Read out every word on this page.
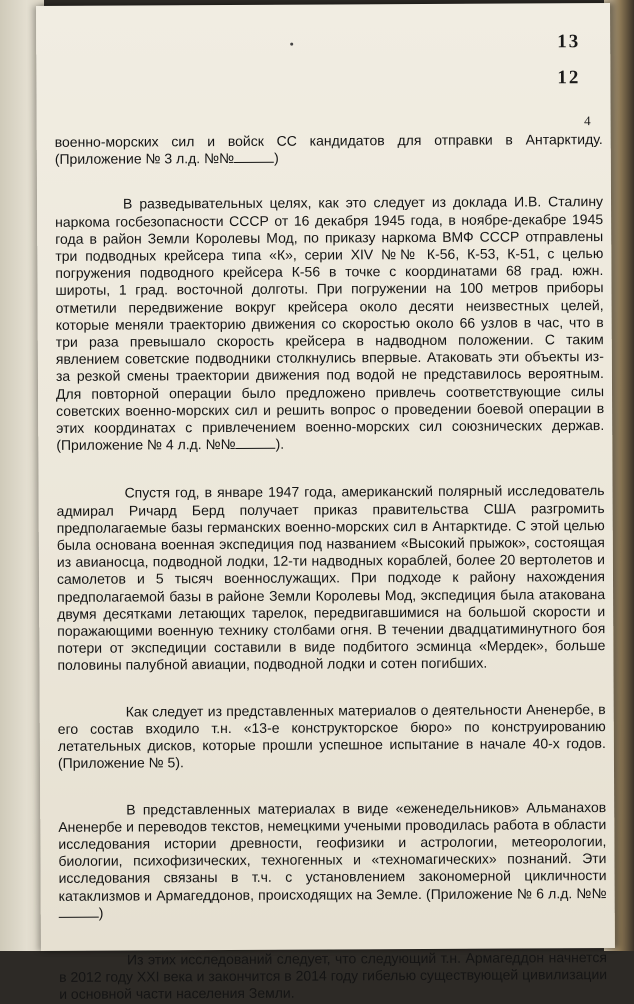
13
12
4

военно-морских сил и войск СС кандидатов для отправки в Антарктиду. (Приложение № 3 л.д. №№	)

В разведывательных целях, как это следует из доклада И.В. Сталину наркома госбезопасности СССР от 16 декабря 1945 года, в ноябре-декабре 1945 года в район Земли Королевы Мод, по приказу наркома ВМФ СССР отправлены три подводных крейсера типа «К», серии XIV №№ К-56, К-53, К-51, с целью погружения подводного крейсера К-56 в точке с координатами 68 град. южн. широты, 1 град. восточной долготы. При погружении на 100 метров приборы отметили передвижение вокруг крейсера около десяти неизвестных целей, которые меняли траекторию движения со скоростью около 66 узлов в час, что в три раза превышало скорость крейсера в надводном положении. С таким явлением советские подводники столкнулись впервые. Атаковать эти объекты из-за резкой смены траектории движения под водой не представилось вероятным. Для повторной операции было предложено привлечь соответствующие силы советских военно-морских сил и решить вопрос о проведении боевой операции в этих координатах с привлечением военно-морских сил союзнических держав. (Приложение № 4 л.д. №№	).

Спустя год, в январе 1947 года, американский полярный исследователь адмирал Ричард Берд получает приказ правительства США разгромить предполагаемые базы германских военно-морских сил в Антарктиде. С этой целью была основана военная экспедиция под названием «Высокий прыжок», состоящая из авианосца, подводной лодки, 12-ти надводных кораблей, более 20 вертолетов и самолетов и 5 тысяч военнослужащих. При подходе к району нахождения предполагаемой базы в районе Земли Королевы Мод, экспедиция была атакована двумя десятками летающих тарелок, передвигавшимися на большой скорости и поражающими военную технику столбами огня. В течении двадцатиминутного боя потери от экспедиции составили в виде подбитого эсминца «Мердек», больше половины палубной авиации, подводной лодки и сотен погибших.

Как следует из представленных материалов о деятельности Аненербе, в его состав входило т.н. «13-е конструкторское бюро» по конструированию летательных дисков, которые прошли успешное испытание в начале 40-х годов. (Приложение № 5).

В представленных материалах в виде «еженедельников» Альманахов Аненербе и переводов текстов, немецкими учеными проводилась работа в области исследования истории древности, геофизики и астрологии, метеорологии, биологии, психофизических, техногенных и «техномагических» познаний. Эти исследования связаны в т.ч. с установлением закономерной цикличности катаклизмов и Армагеддонов, происходящих на Земле. (Приложение № 6 л.д. №№)

Из этих исследований следует, что следующий т.н. Армагеддон начнется в 2012 году XXI века и закончится в 2014 году гибелью существующей цивилизации и основной части населения Земли.
